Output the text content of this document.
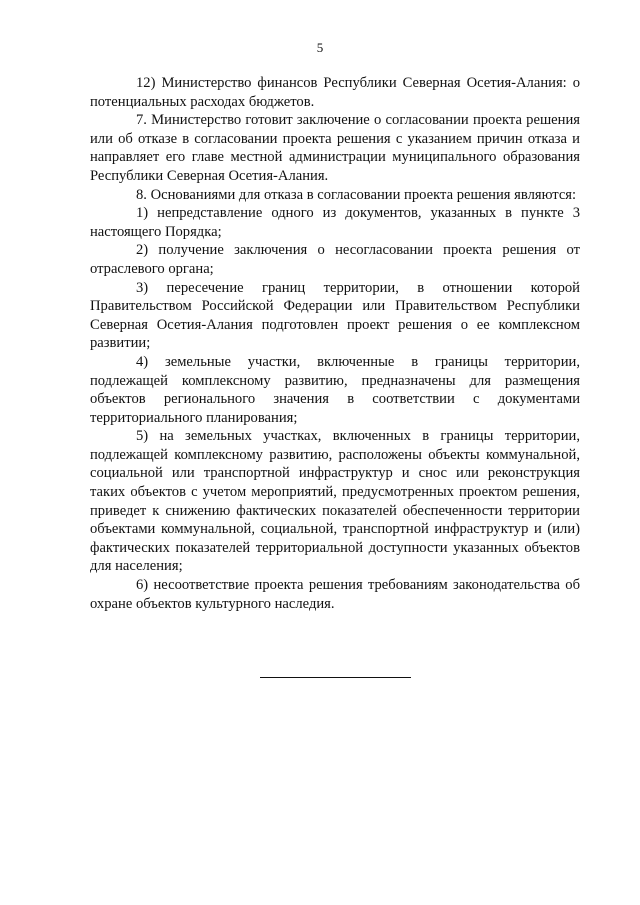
5

12) Министерство финансов Республики Северная Осетия-Алания: о потенциальных расходах бюджетов.

7. Министерство готовит заключение о согласовании проекта решения или об отказе в согласовании проекта решения с указанием причин отказа и направляет его главе местной администрации муниципального образования Республики Северная Осетия-Алания.

8. Основаниями для отказа в согласовании проекта решения являются:

1) непредставление одного из документов, указанных в пункте 3 настоящего Порядка;

2) получение заключения о несогласовании проекта решения от отраслевого органа;

3) пересечение границ территории, в отношении которой Правительством Российской Федерации или Правительством Республики Северная Осетия-Алания подготовлен проект решения о ее комплексном развитии;

4) земельные участки, включенные в границы территории, подлежащей комплексному развитию, предназначены для размещения объектов регионального значения в соответствии с документами территориального планирования;

5) на земельных участках, включенных в границы территории, подлежащей комплексному развитию, расположены объекты коммунальной, социальной или транспортной инфраструктур и снос или реконструкция таких объектов с учетом мероприятий, предусмотренных проектом решения, приведет к снижению фактических показателей обеспеченности территории объектами коммунальной, социальной, транспортной инфраструктур и (или) фактических показателей территориальной доступности указанных объектов для населения;

6) несоответствие проекта решения требованиям законодательства об охране объектов культурного наследия.
